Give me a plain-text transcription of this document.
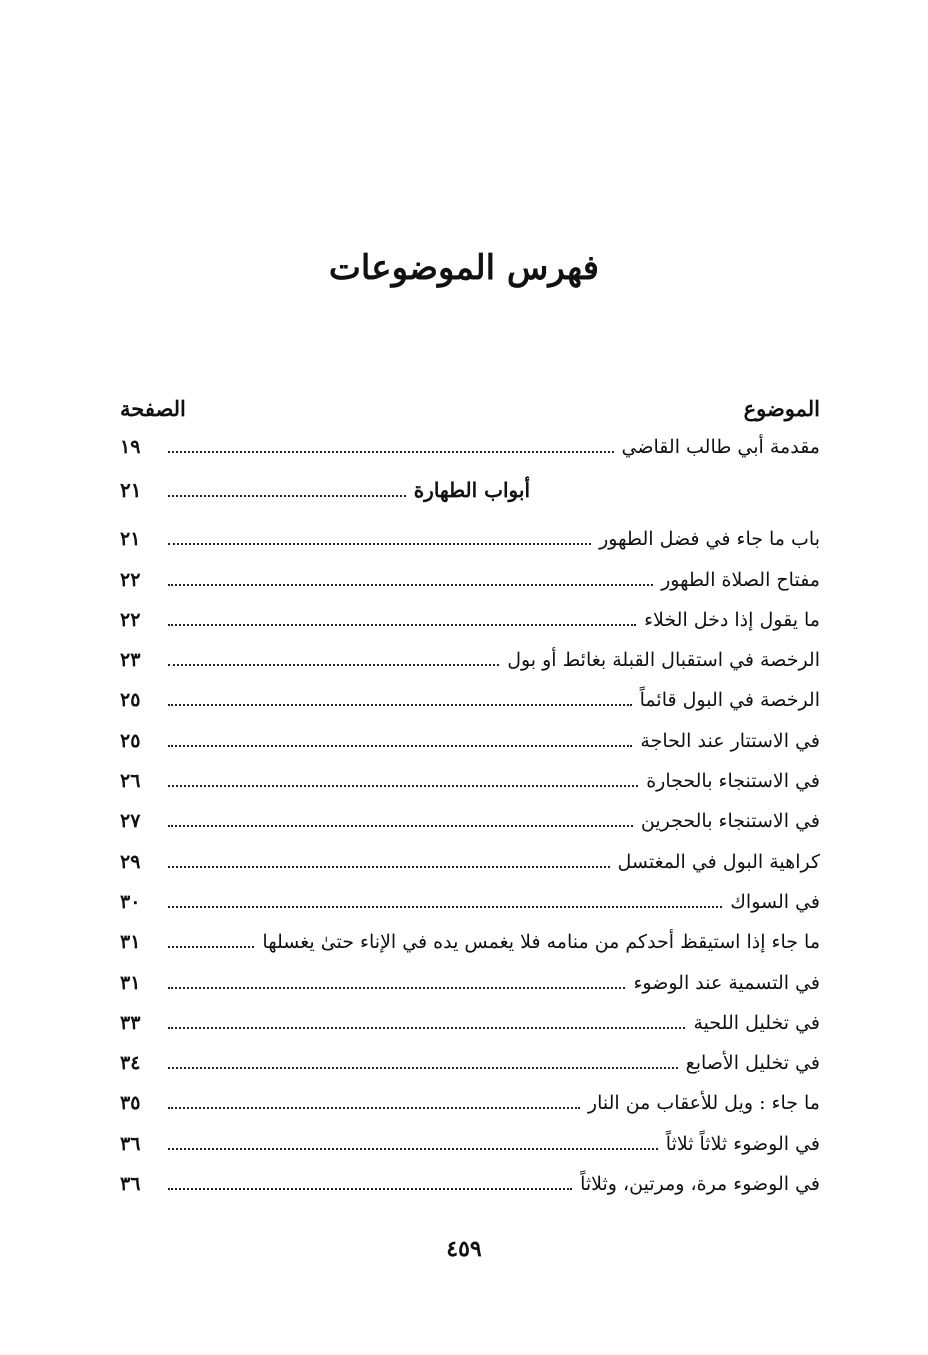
فهرس الموضوعات
الموضوع
الصفحة
مقدمة أبي طالب القاضي
١٩
أبواب الطهارة
٢١
باب ما جاء في فضل الطهور
٢١
مفتاح الصلاة الطهور
٢٢
ما يقول إذا دخل الخلاء
٢٢
الرخصة في استقبال القبلة بغائط أو بول
٢٣
الرخصة في البول قائماً
٢٥
في الاستتار عند الحاجة
٢٥
في الاستنجاء بالحجارة
٢٦
في الاستنجاء بالحجرين
٢٧
كراهية البول في المغتسل
٢٩
في السواك
٣٠
ما جاء إذا استيقظ أحدكم من منامه فلا يغمس يده في الإناء حتىٰ يغسلها
٣١
في التسمية عند الوضوء
٣١
في تخليل اللحية
٣٣
في تخليل الأصابع
٣٤
ما جاء : ويل للأعقاب من النار
٣٥
في الوضوء ثلاثاً ثلاثاً
٣٦
في الوضوء مرة، ومرتين، وثلاثاً
٣٦
٤٥٩
